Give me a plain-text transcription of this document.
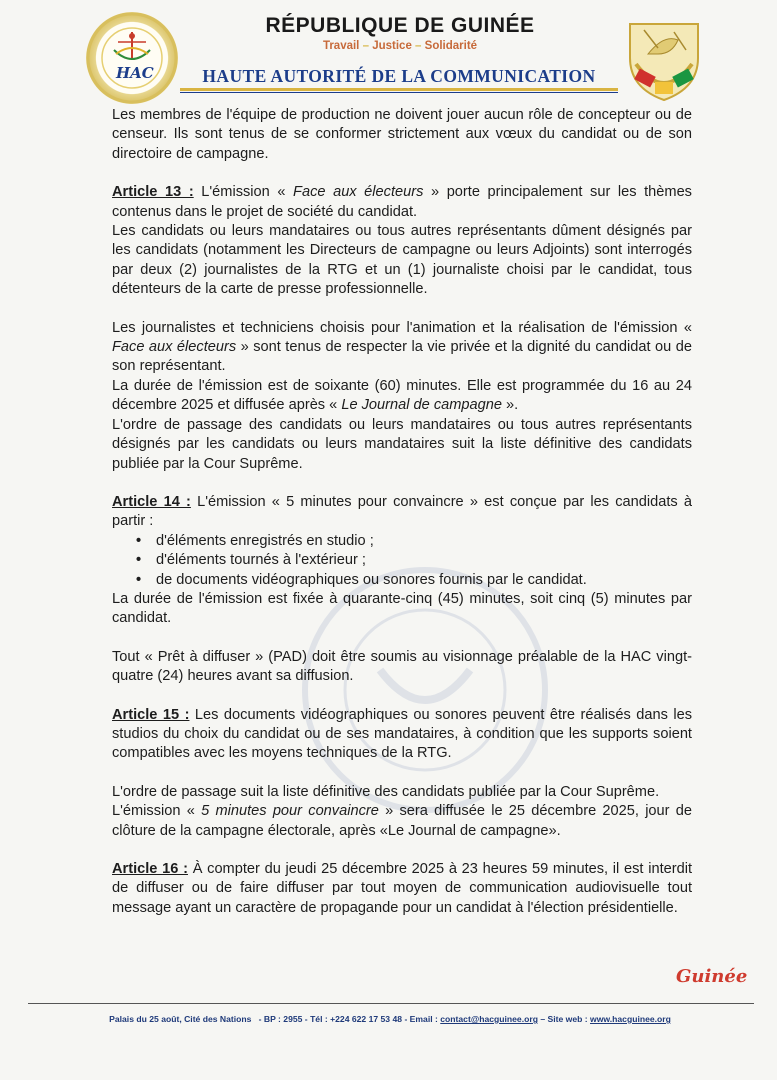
HAC
RÉPUBLIQUE DE GUINÉE
Travail – Justice – Solidarité
HAUTE AUTORITÉ DE LA COMMUNICATION

Les membres de l'équipe de production ne doivent jouer aucun rôle de concepteur ou de censeur. Ils sont tenus de se conformer strictement aux vœux du candidat ou de son directoire de campagne.

Article 13 : L'émission « Face aux électeurs » porte principalement sur les thèmes contenus dans le projet de société du candidat.

Les candidats ou leurs mandataires ou tous autres représentants dûment désignés par les candidats (notamment les Directeurs de campagne ou leurs Adjoints) sont interrogés par deux (2) journalistes de la RTG et un (1) journaliste choisi par le candidat, tous détenteurs de la carte de presse professionnelle.

Les journalistes et techniciens choisis pour l'animation et la réalisation de l'émission « Face aux électeurs » sont tenus de respecter la vie privée et la dignité du candidat ou de son représentant.

La durée de l'émission est de soixante (60) minutes. Elle est programmée du 16 au 24 décembre 2025 et diffusée après « Le Journal de campagne ».

L'ordre de passage des candidats ou leurs mandataires ou tous autres représentants désignés par les candidats ou leurs mandataires suit la liste définitive des candidats publiée par la Cour Suprême.

Article 14 : L'émission « 5 minutes pour convaincre » est conçue par les candidats à partir :

• d'éléments enregistrés en studio ;
• d'éléments tournés à l'extérieur ;
• de documents vidéographiques ou sonores fournis par le candidat.

La durée de l'émission est fixée à quarante-cinq (45) minutes, soit cinq (5) minutes par candidat.

Tout « Prêt à diffuser » (PAD) doit être soumis au visionnage préalable de la HAC vingt-quatre (24) heures avant sa diffusion.

Article 15 : Les documents vidéographiques ou sonores peuvent être réalisés dans les studios du choix du candidat ou de ses mandataires, à condition que les supports soient compatibles avec les moyens techniques de la RTG.

L'ordre de passage suit la liste définitive des candidats publiée par la Cour Suprême.

L'émission « 5 minutes pour convaincre » sera diffusée le 25 décembre 2025, jour de clôture de la campagne électorale, après «Le Journal de campagne».

Article 16 : À compter du jeudi 25 décembre 2025 à 23 heures 59 minutes, il est interdit de diffuser ou de faire diffuser par tout moyen de communication audiovisuelle tout message ayant un caractère de propagande pour un candidat à l'élection présidentielle.

Guinée
Palais du 25 août, Cité des Nations - BP : 2955 - Tél : +224 622 17 53 48 - Email : contact@hacguinee.org – Site web : www.hacguinee.org
